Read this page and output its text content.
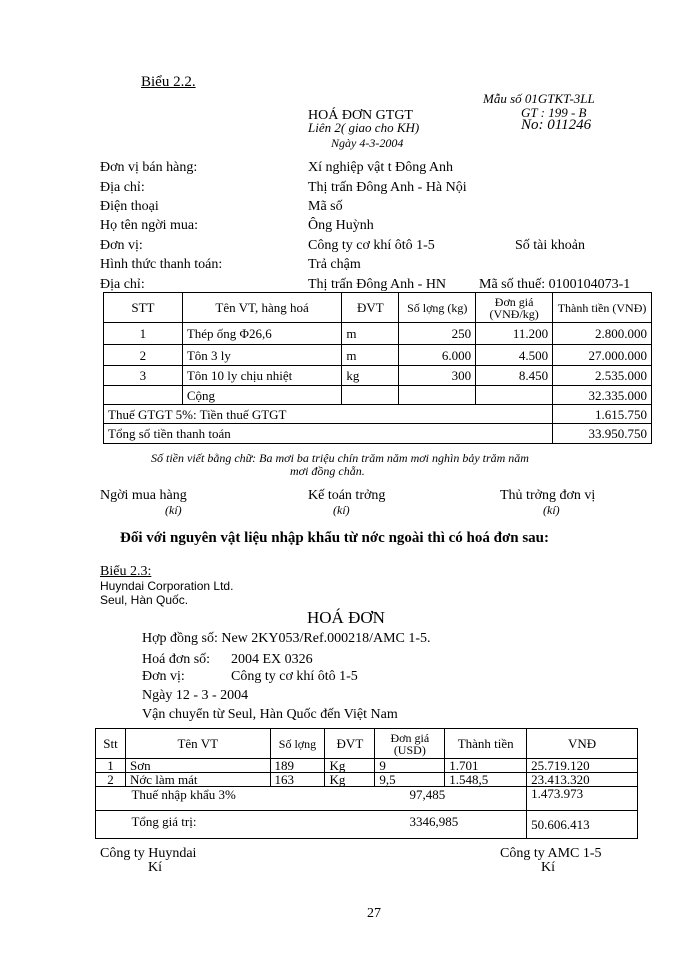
Biểu 2.2.
Mẫu số 01GTKT-3LL
GT : 199 - B
HOÁ ĐƠN GTGT
Liên 2( giao cho KH)	No: 011246
Ngày 4-3-2004
Đơn vị bán hàng:	Xí nghiệp vật t Đông Anh
Địa chỉ:	Thị trấn Đông Anh - Hà Nội
Điện thoại	Mã số
Họ tên ngời mua:	Ông Huỳnh
Đơn vị:	Công ty cơ khí ôtô 1-5	Số tài khoản
Hình thức thanh toán:	Trả chậm
Địa chỉ:	Thị trấn Đông Anh - HN Mã số thuế: 0100104073-1
STT	Tên VT, hàng hoá	ĐVT	Số lợng (kg)	Đơn giá (VNĐ/kg)	Thành tiền (VNĐ)
1	Thép ống Φ26,6	m	250	11.200	2.800.000
2	Tôn 3 ly	m	6.000	4.500	27.000.000
3	Tôn 10 ly chịu nhiệt	kg	300	8.450	2.535.000
	Cộng				32.335.000
Thuế GTGT 5%: Tiền thuế GTGT					1.615.750
Tổng số tiền thanh toán					33.950.750
Số tiền viết bằng chữ: Ba mơi ba triệu chín trăm năm mơi nghìn bảy trăm năm
mơi đồng chẵn.
Ngời mua hàng
(kí)
Kế toán trởng
(kí)
Thủ trởng đơn vị
(kí)
Đối với nguyên vật liệu nhập khẩu từ nớc ngoài thì có hoá đơn sau:
Biểu 2.3:
Huyndai Corporation Ltd.
Seul, Hàn Quốc.
HOÁ ĐƠN
Hợp đồng số: New 2KY053/Ref.000218/AMC 1-5.
Hoá đơn số: 2004 EX 0326
Đơn vị:	Công ty cơ khí ôtô 1-5
Ngày 12 - 3 - 2004
Vận chuyển từ Seul, Hàn Quốc đến Việt Nam
Stt	Tên VT	Số lợng	ĐVT	Đơn giá (USD)	Thành tiền	VNĐ
1	Sơn	189	Kg	9	1.701	25.719.120
2	Nớc làm mát	163	Kg	9,5	1.548,5	23.413.320

	Thuế nhập khẩu 3% 97,485					1.473.973

	Tổng giá trị: 3346,985					50.606.413
Công ty Huyndai
Kí
Công ty AMC 1-5
Kí
27
